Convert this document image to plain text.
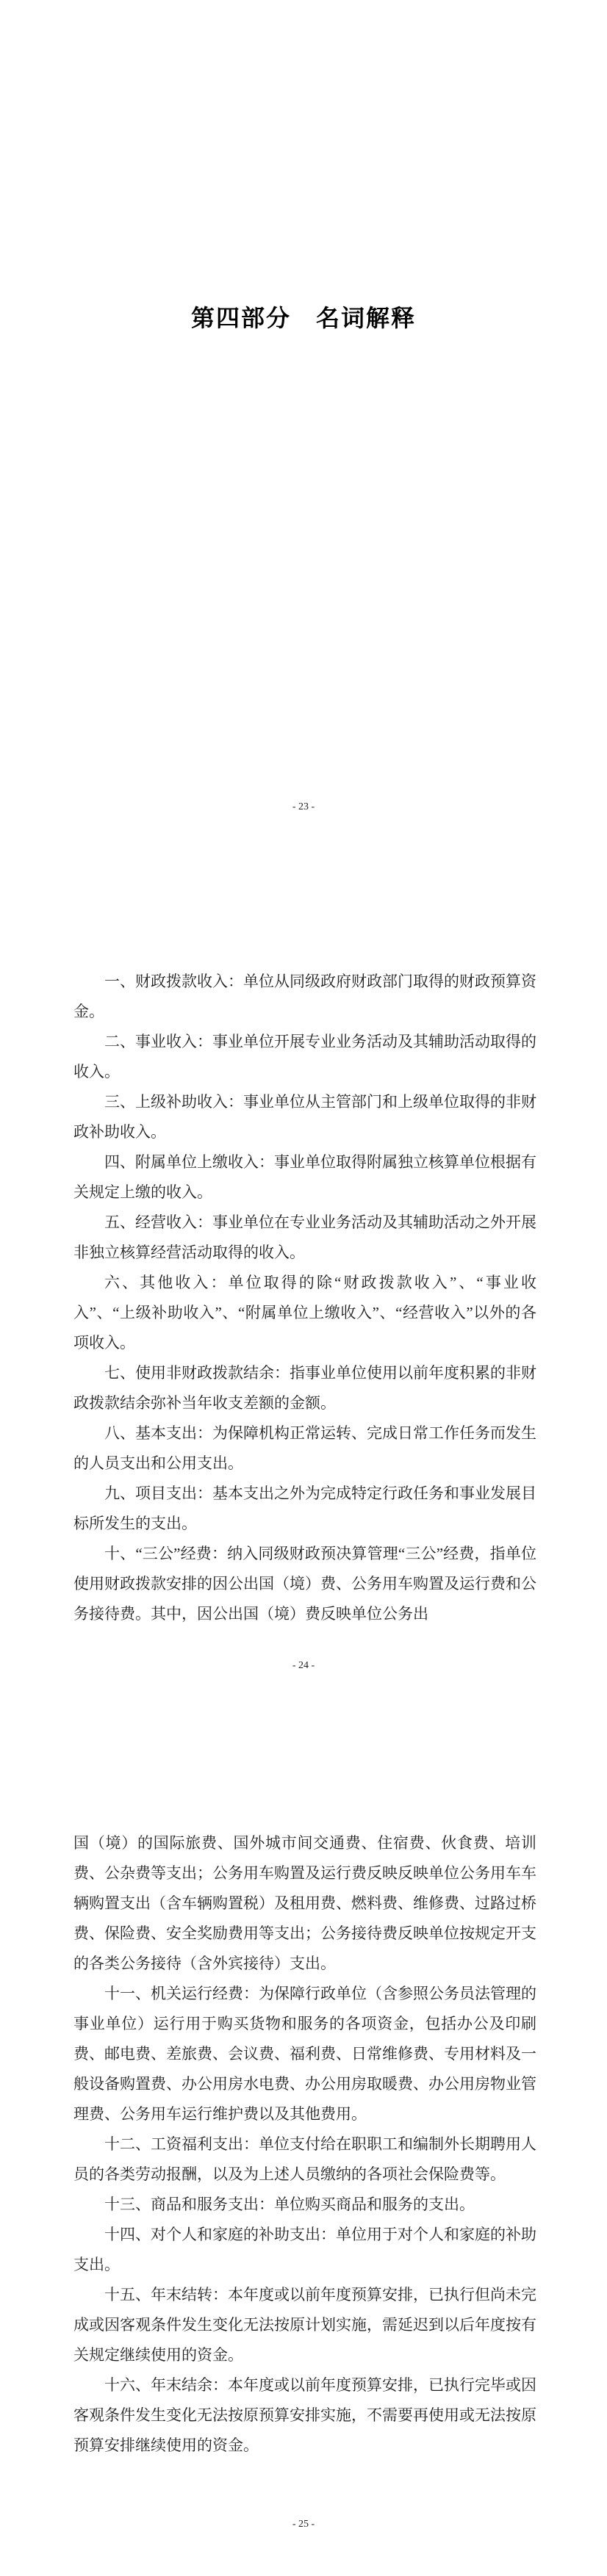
第四部分　名词解释
- 23 -

一、财政拨款收入：单位从同级政府财政部门取得的财政预算资金。

二、事业收入：事业单位开展专业业务活动及其辅助活动取得的收入。

三、上级补助收入：事业单位从主管部门和上级单位取得的非财政补助收入。

四、附属单位上缴收入：事业单位取得附属独立核算单位根据有关规定上缴的收入。

五、经营收入：事业单位在专业业务活动及其辅助活动之外开展非独立核算经营活动取得的收入。

六、其他收入：单位取得的除“财政拨款收入”、“事业收入”、“上级补助收入”、“附属单位上缴收入”、“经营收入”以外的各项收入。

七、使用非财政拨款结余：指事业单位使用以前年度积累的非财政拨款结余弥补当年收支差额的金额。

八、基本支出：为保障机构正常运转、完成日常工作任务而发生的人员支出和公用支出。

九、项目支出：基本支出之外为完成特定行政任务和事业发展目标所发生的支出。

十、“三公”经费：纳入同级财政预决算管理“三公”经费，指单位使用财政拨款安排的因公出国（境）费、公务用车购置及运行费和公务接待费。其中，因公出国（境）费反映单位公务出

- 24 -

国（境）的国际旅费、国外城市间交通费、住宿费、伙食费、培训费、公杂费等支出；公务用车购置及运行费反映反映单位公务用车车辆购置支出（含车辆购置税）及租用费、燃料费、维修费、过路过桥费、保险费、安全奖励费用等支出；公务接待费反映单位按规定开支的各类公务接待（含外宾接待）支出。

十一、机关运行经费：为保障行政单位（含参照公务员法管理的事业单位）运行用于购买货物和服务的各项资金，包括办公及印刷费、邮电费、差旅费、会议费、福利费、日常维修费、专用材料及一般设备购置费、办公用房水电费、办公用房取暖费、办公用房物业管理费、公务用车运行维护费以及其他费用。

十二、工资福利支出：单位支付给在职职工和编制外长期聘用人员的各类劳动报酬，以及为上述人员缴纳的各项社会保险费等。

十三、商品和服务支出：单位购买商品和服务的支出。

十四、对个人和家庭的补助支出：单位用于对个人和家庭的补助支出。

十五、年末结转：本年度或以前年度预算安排，已执行但尚未完成或因客观条件发生变化无法按原计划实施，需延迟到以后年度按有关规定继续使用的资金。

十六、年末结余：本年度或以前年度预算安排，已执行完毕或因客观条件发生变化无法按原预算安排实施，不需要再使用或无法按原预算安排继续使用的资金。

- 25 -
